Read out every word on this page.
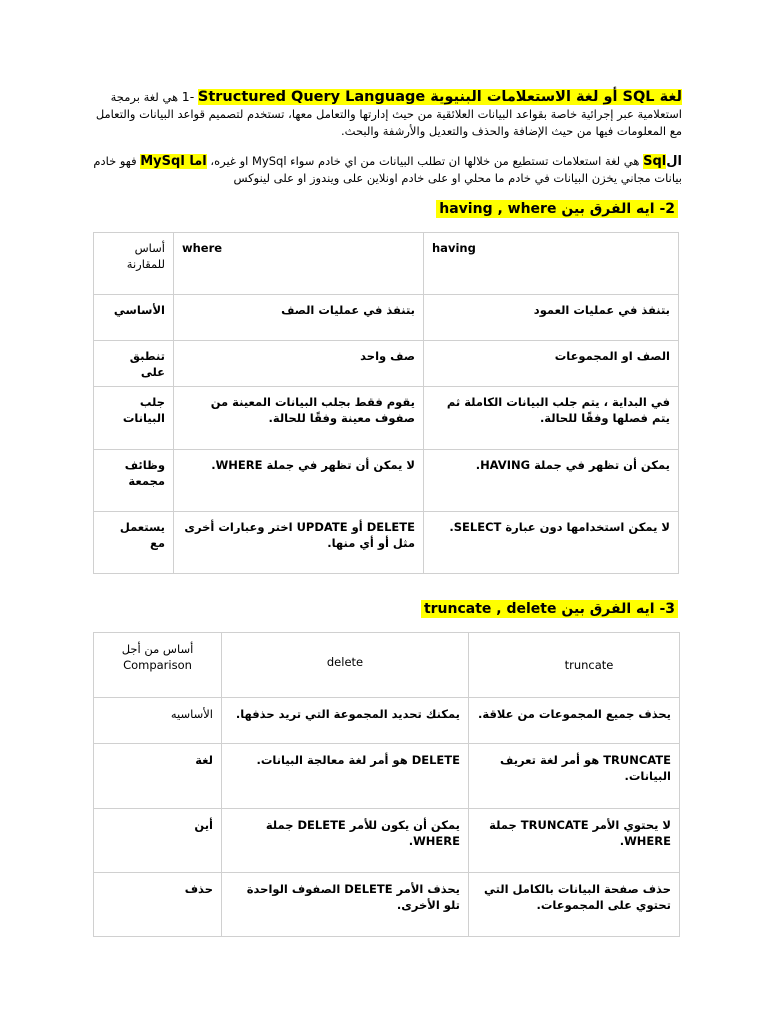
لغة SQL أو لغة الاستعلامات البنيوية Structured Query Language 1- هي لغة برمجة استعلامية عبر إجرائية خاصة بقواعد البيانات العلائقية من حيث إدارتها والتعامل معها، تستخدم لتصميم قواعد البيانات والتعامل مع المعلومات فيها من حيث الإضافة والحذف والتعديل والأرشفة والبحث.
الSql هي لغة استعلامات تستطيع من خلالها ان تطلب البيانات من اي خادم سواء MySql او غيره، اما MySql فهو خادم بيانات مجاني يخزن البيانات في خادم ما محلي او على خادم اونلاين على ويندوز او على لينوكس
2- ايه الفرق بين having , where
أساس للمقارنة	where	having

الأساسي	بتنفذ في عمليات الصف	بتنفذ في عمليات العمود

تنطبق على	صف واحد	الصف او المجموعات

جلب البيانات	يقوم فقط بجلب البيانات المعينة من صفوف معينة وفقًا للحالة.	في البداية ، يتم جلب البيانات الكاملة ثم يتم فصلها وفقًا للحالة.

وظائف مجمعة	لا يمكن أن تظهر في جملة WHERE.	يمكن أن تظهر في جملة HAVING.

يستعمل مع	DELETE أو UPDATE اختر وعبارات أخرى مثل أو أي منها.	لا يمكن استخدامها دون عبارة SELECT.
3- ايه الفرق بين truncate , delete
أساس من أجل Comparison	delete	truncate

الأساسيه	يمكنك تحديد المجموعة التي تريد حذفها.	يحذف جميع المجموعات من علاقة.

لغة	DELETE هو أمر لغة معالجة البيانات.	TRUNCATE هو أمر لغة تعريف البيانات.

أين	يمكن أن يكون للأمر DELETE جملة WHERE.	لا يحتوي الأمر TRUNCATE جملة WHERE.

حذف	يحذف الأمر DELETE الصفوف الواحدة تلو الأخرى.	حذف صفحة البيانات بالكامل التي تحتوي على المجموعات.
